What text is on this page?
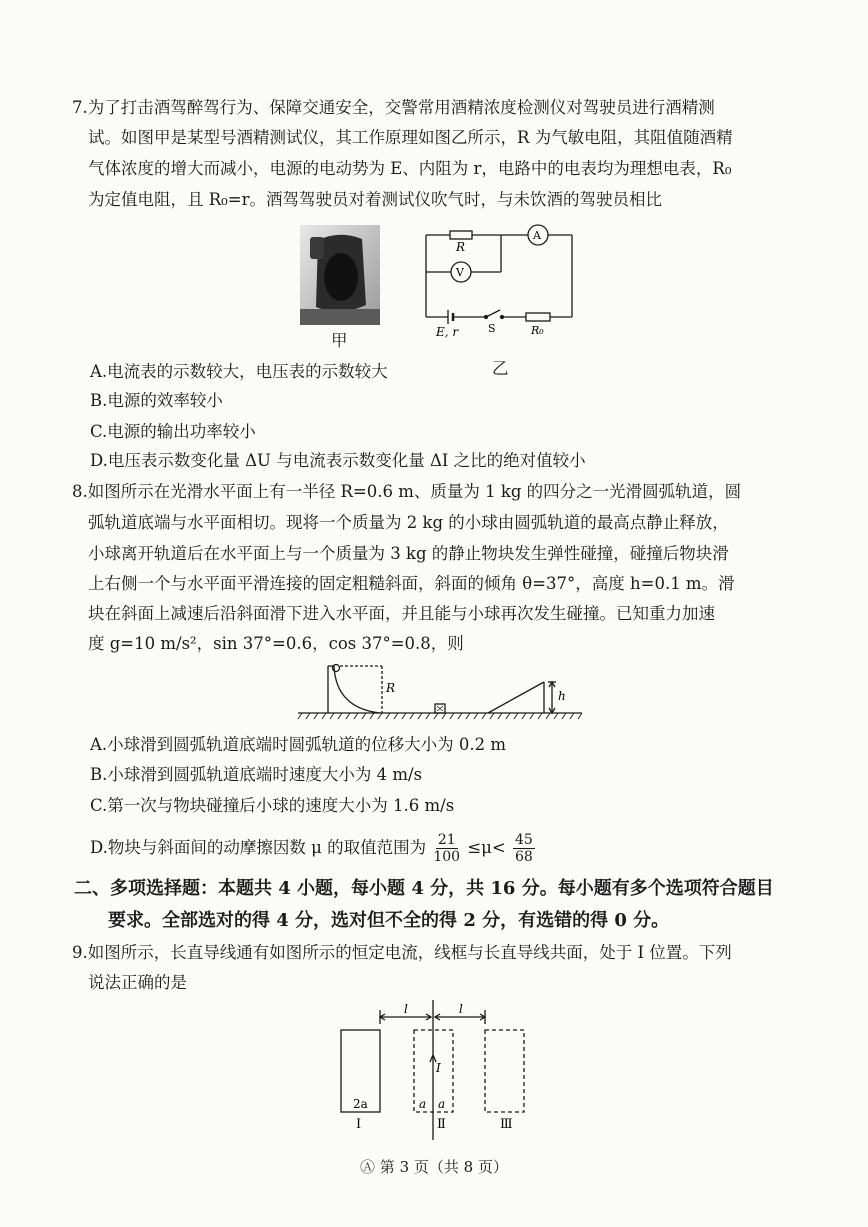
7.为了打击酒驾醉驾行为、保障交通安全，交警常用酒精浓度检测仪对驾驶员进行酒精测
试。如图甲是某型号酒精测试仪，其工作原理如图乙所示，R 为气敏电阻，其阻值随酒精
气体浓度的增大而减小，电源的电动势为 E、内阻为 r，电路中的电表均为理想电表，R₀
为定值电阻，且 R₀=r。酒驾驾驶员对着测试仪吹气时，与未饮酒的驾驶员相比
甲
R
A
V
E, r	S	R₀
乙
A.电流表的示数较大，电压表的示数较大
B.电源的效率较小
C.电源的输出功率较小
D.电压表示数变化量 ΔU 与电流表示数变化量 ΔI 之比的绝对值较小
8.如图所示在光滑水平面上有一半径 R=0.6 m、质量为 1 kg 的四分之一光滑圆弧轨道，圆
弧轨道底端与水平面相切。现将一个质量为 2 kg 的小球由圆弧轨道的最高点静止释放，
小球离开轨道后在水平面上与一个质量为 3 kg 的静止物块发生弹性碰撞，碰撞后物块滑
上右侧一个与水平面平滑连接的固定粗糙斜面，斜面的倾角 θ=37°，高度 h=0.1 m。滑
块在斜面上减速后沿斜面滑下进入水平面，并且能与小球再次发生碰撞。已知重力加速
度 g=10 m/s²，sin 37°=0.6，cos 37°=0.8，则
R
h
A.小球滑到圆弧轨道底端时圆弧轨道的位移大小为 0.2 m
B.小球滑到圆弧轨道底端时速度大小为 4 m/s
C.第一次与物块碰撞后小球的速度大小为 1.6 m/s
D.物块与斜面间的动摩擦因数 μ 的取值范围为 $\frac{21}{100} \le\mu< \frac{45}{68}$
二、多项选择题：本题共 4 小题，每小题 4 分，共 16 分。每小题有多个选项符合题目
要求。全部选对的得 4 分，选对但不全的得 2 分，有选错的得 0 分。
9.如图所示，长直导线通有如图所示的恒定电流，线框与长直导线共面，处于 I 位置。下列
说法正确的是
l	l
I
2a	a a
Ⅰ	Ⅱ	Ⅲ
Ⓐ 第 3 页（共 8 页）
